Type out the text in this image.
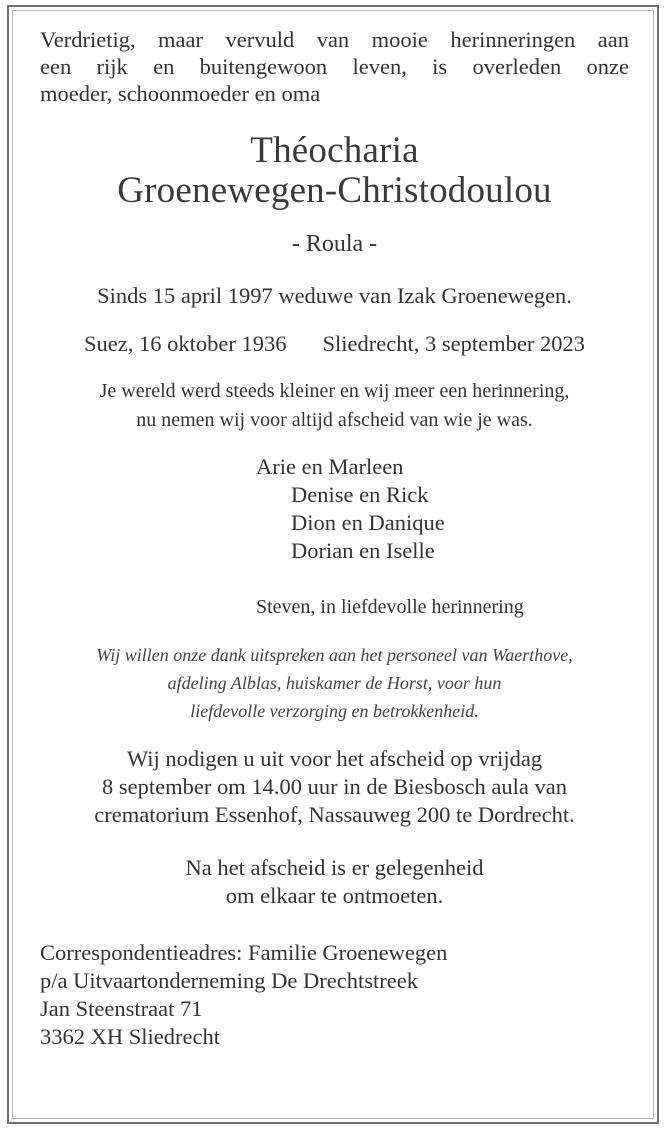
Verdrietig, maar vervuld van mooie herinneringen aan
een rijk en buitengewoon leven, is overleden onze
moeder, schoonmoeder en oma
Théocharia
Groenewegen-Christodoulou
- Roula -
Sinds 15 april 1997 weduwe van Izak Groenewegen.
Suez, 16 oktober 1936 Sliedrecht, 3 september 2023
Je wereld werd steeds kleiner en wij meer een herinnering,
nu nemen wij voor altijd afscheid van wie je was.
Arie en Marleen
Denise en Rick
Dion en Danique
Dorian en Iselle
Steven, in liefdevolle herinnering
Wij willen onze dank uitspreken aan het personeel van Waerthove,
afdeling Alblas, huiskamer de Horst, voor hun
liefdevolle verzorging en betrokkenheid.
Wij nodigen u uit voor het afscheid op vrijdag
8 september om 14.00 uur in de Biesbosch aula van
crematorium Essenhof, Nassauweg 200 te Dordrecht.
Na het afscheid is er gelegenheid
om elkaar te ontmoeten.
Correspondentieadres: Familie Groenewegen
p/a Uitvaartonderneming De Drechtstreek
Jan Steenstraat 71
3362 XH Sliedrecht
